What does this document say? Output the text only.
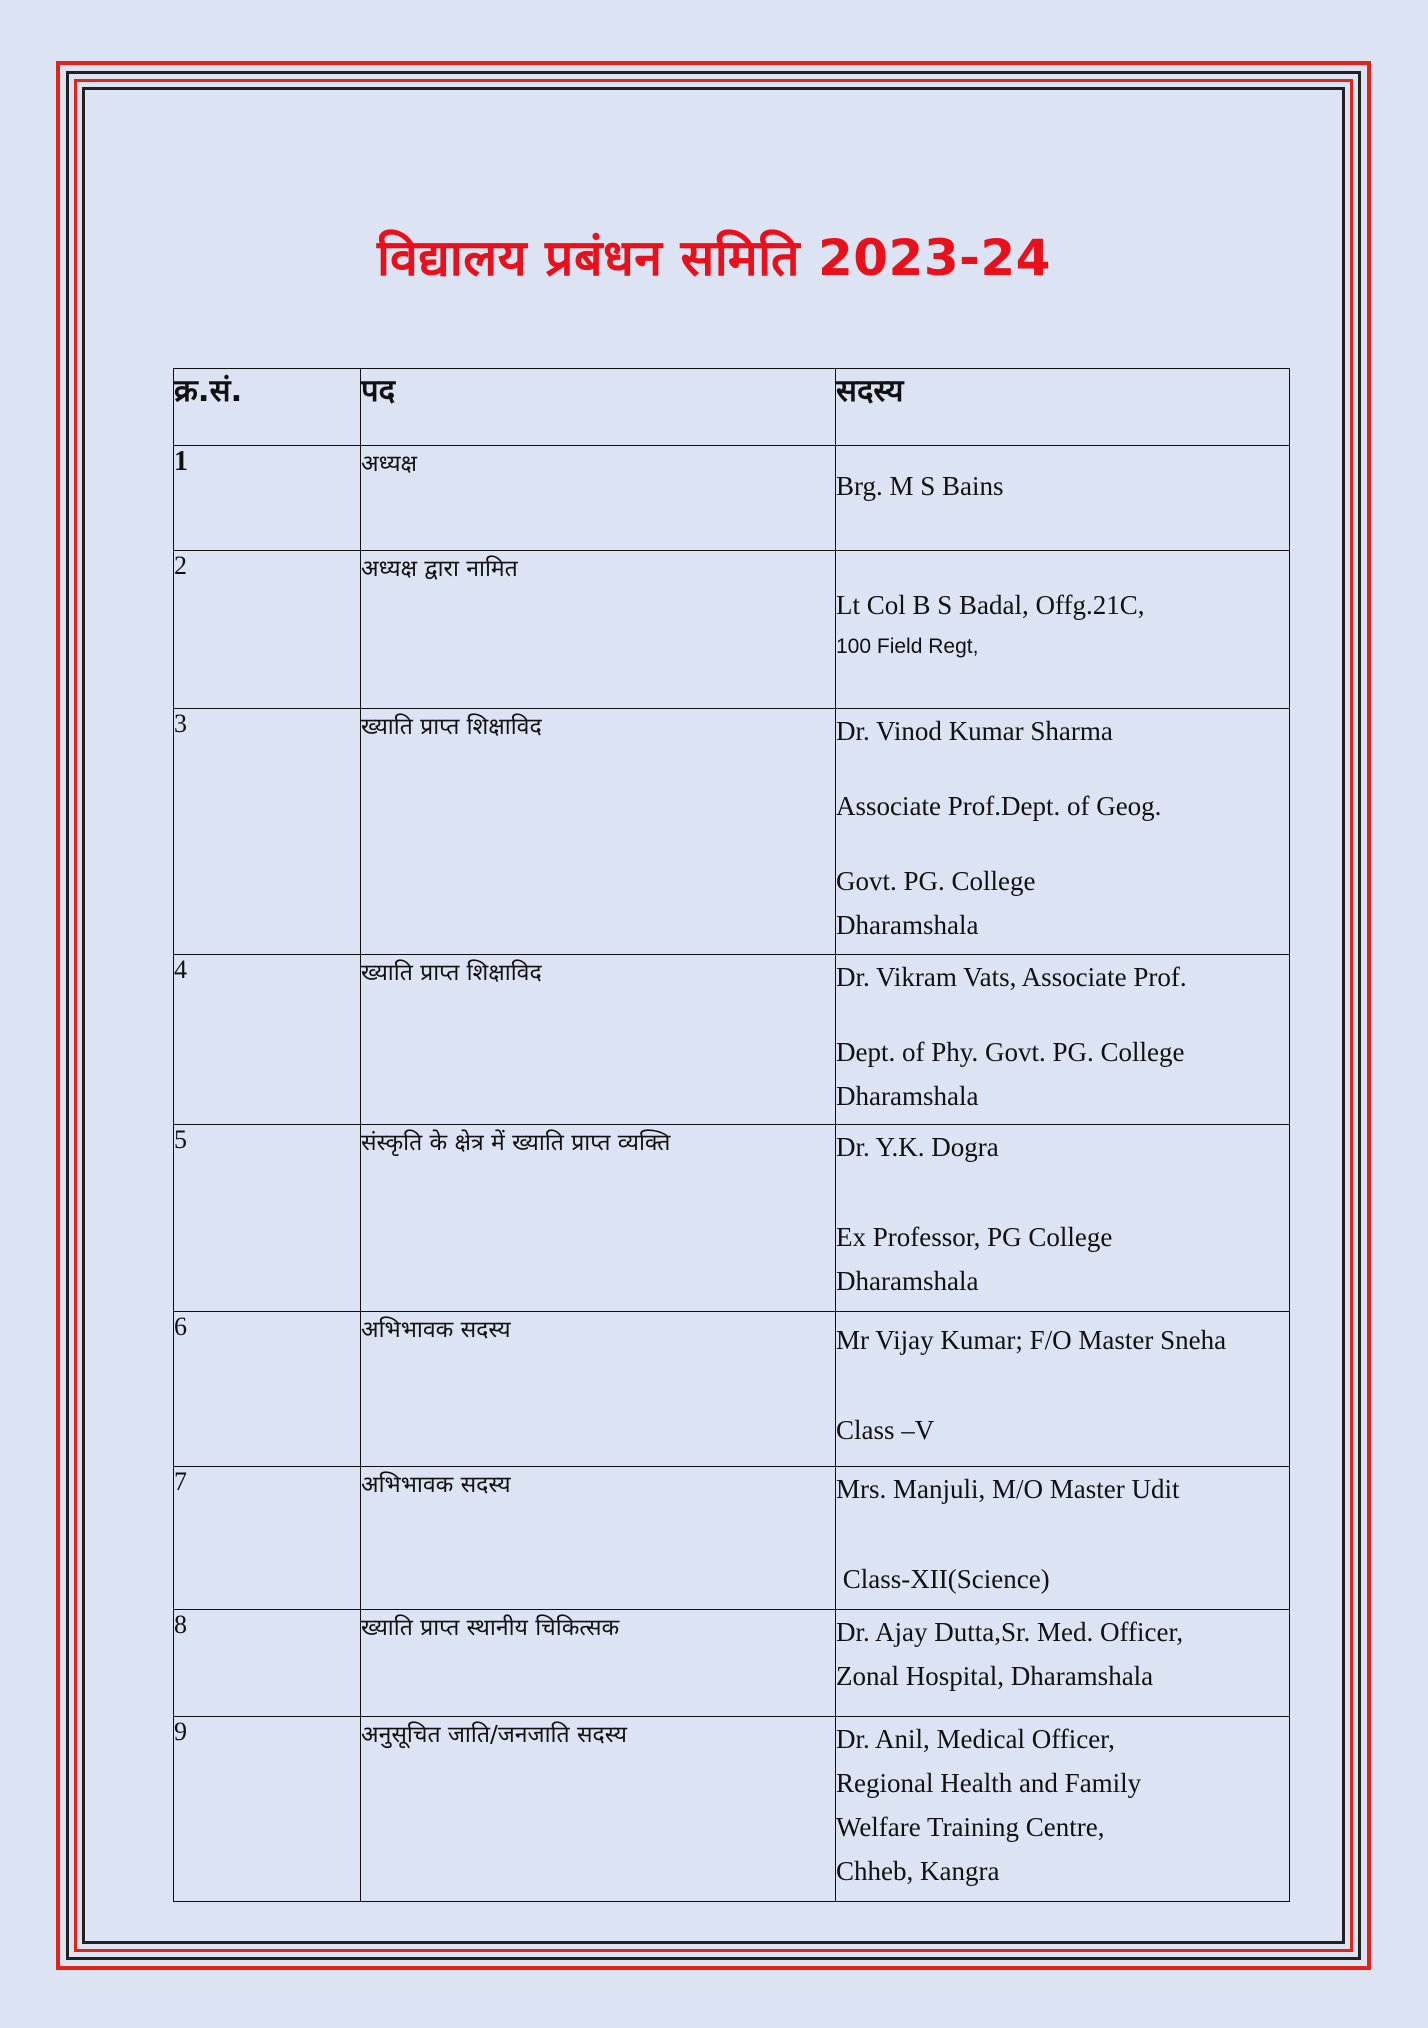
विद्यालय प्रबंधन समिति 2023-24
क्र.सं.	पद	सदस्य
1	अध्यक्ष	Brg. M S Bains

2	अध्यक्ष द्वारा नामित	Lt Col B S Badal, Offg.21C,
100 Field Regt,

3	ख्याति प्राप्त शिक्षाविद	Dr. Vinod Kumar Sharma
Associate Prof.Dept. of Geog.
Govt. PG. College
Dharamshala

4	ख्याति प्राप्त शिक्षाविद	Dr. Vikram Vats, Associate Prof.
Dept. of Phy. Govt. PG. College
Dharamshala

5	संस्कृति के क्षेत्र में ख्याति प्राप्त व्यक्ति	Dr. Y.K. Dogra
Ex Professor, PG College
Dharamshala

6	अभिभावक सदस्य	Mr Vijay Kumar; F/O Master Sneha
Class –V

7	अभिभावक सदस्य	Mrs. Manjuli, M/O Master Udit
Class-XII(Science)

8	ख्याति प्राप्त स्थानीय चिकित्सक	Dr. Ajay Dutta,Sr. Med. Officer,
Zonal Hospital, Dharamshala

9	अनुसूचित जाति/जनजाति सदस्य	Dr. Anil, Medical Officer,
Regional Health and Family
Welfare Training Centre,
Chheb, Kangra
